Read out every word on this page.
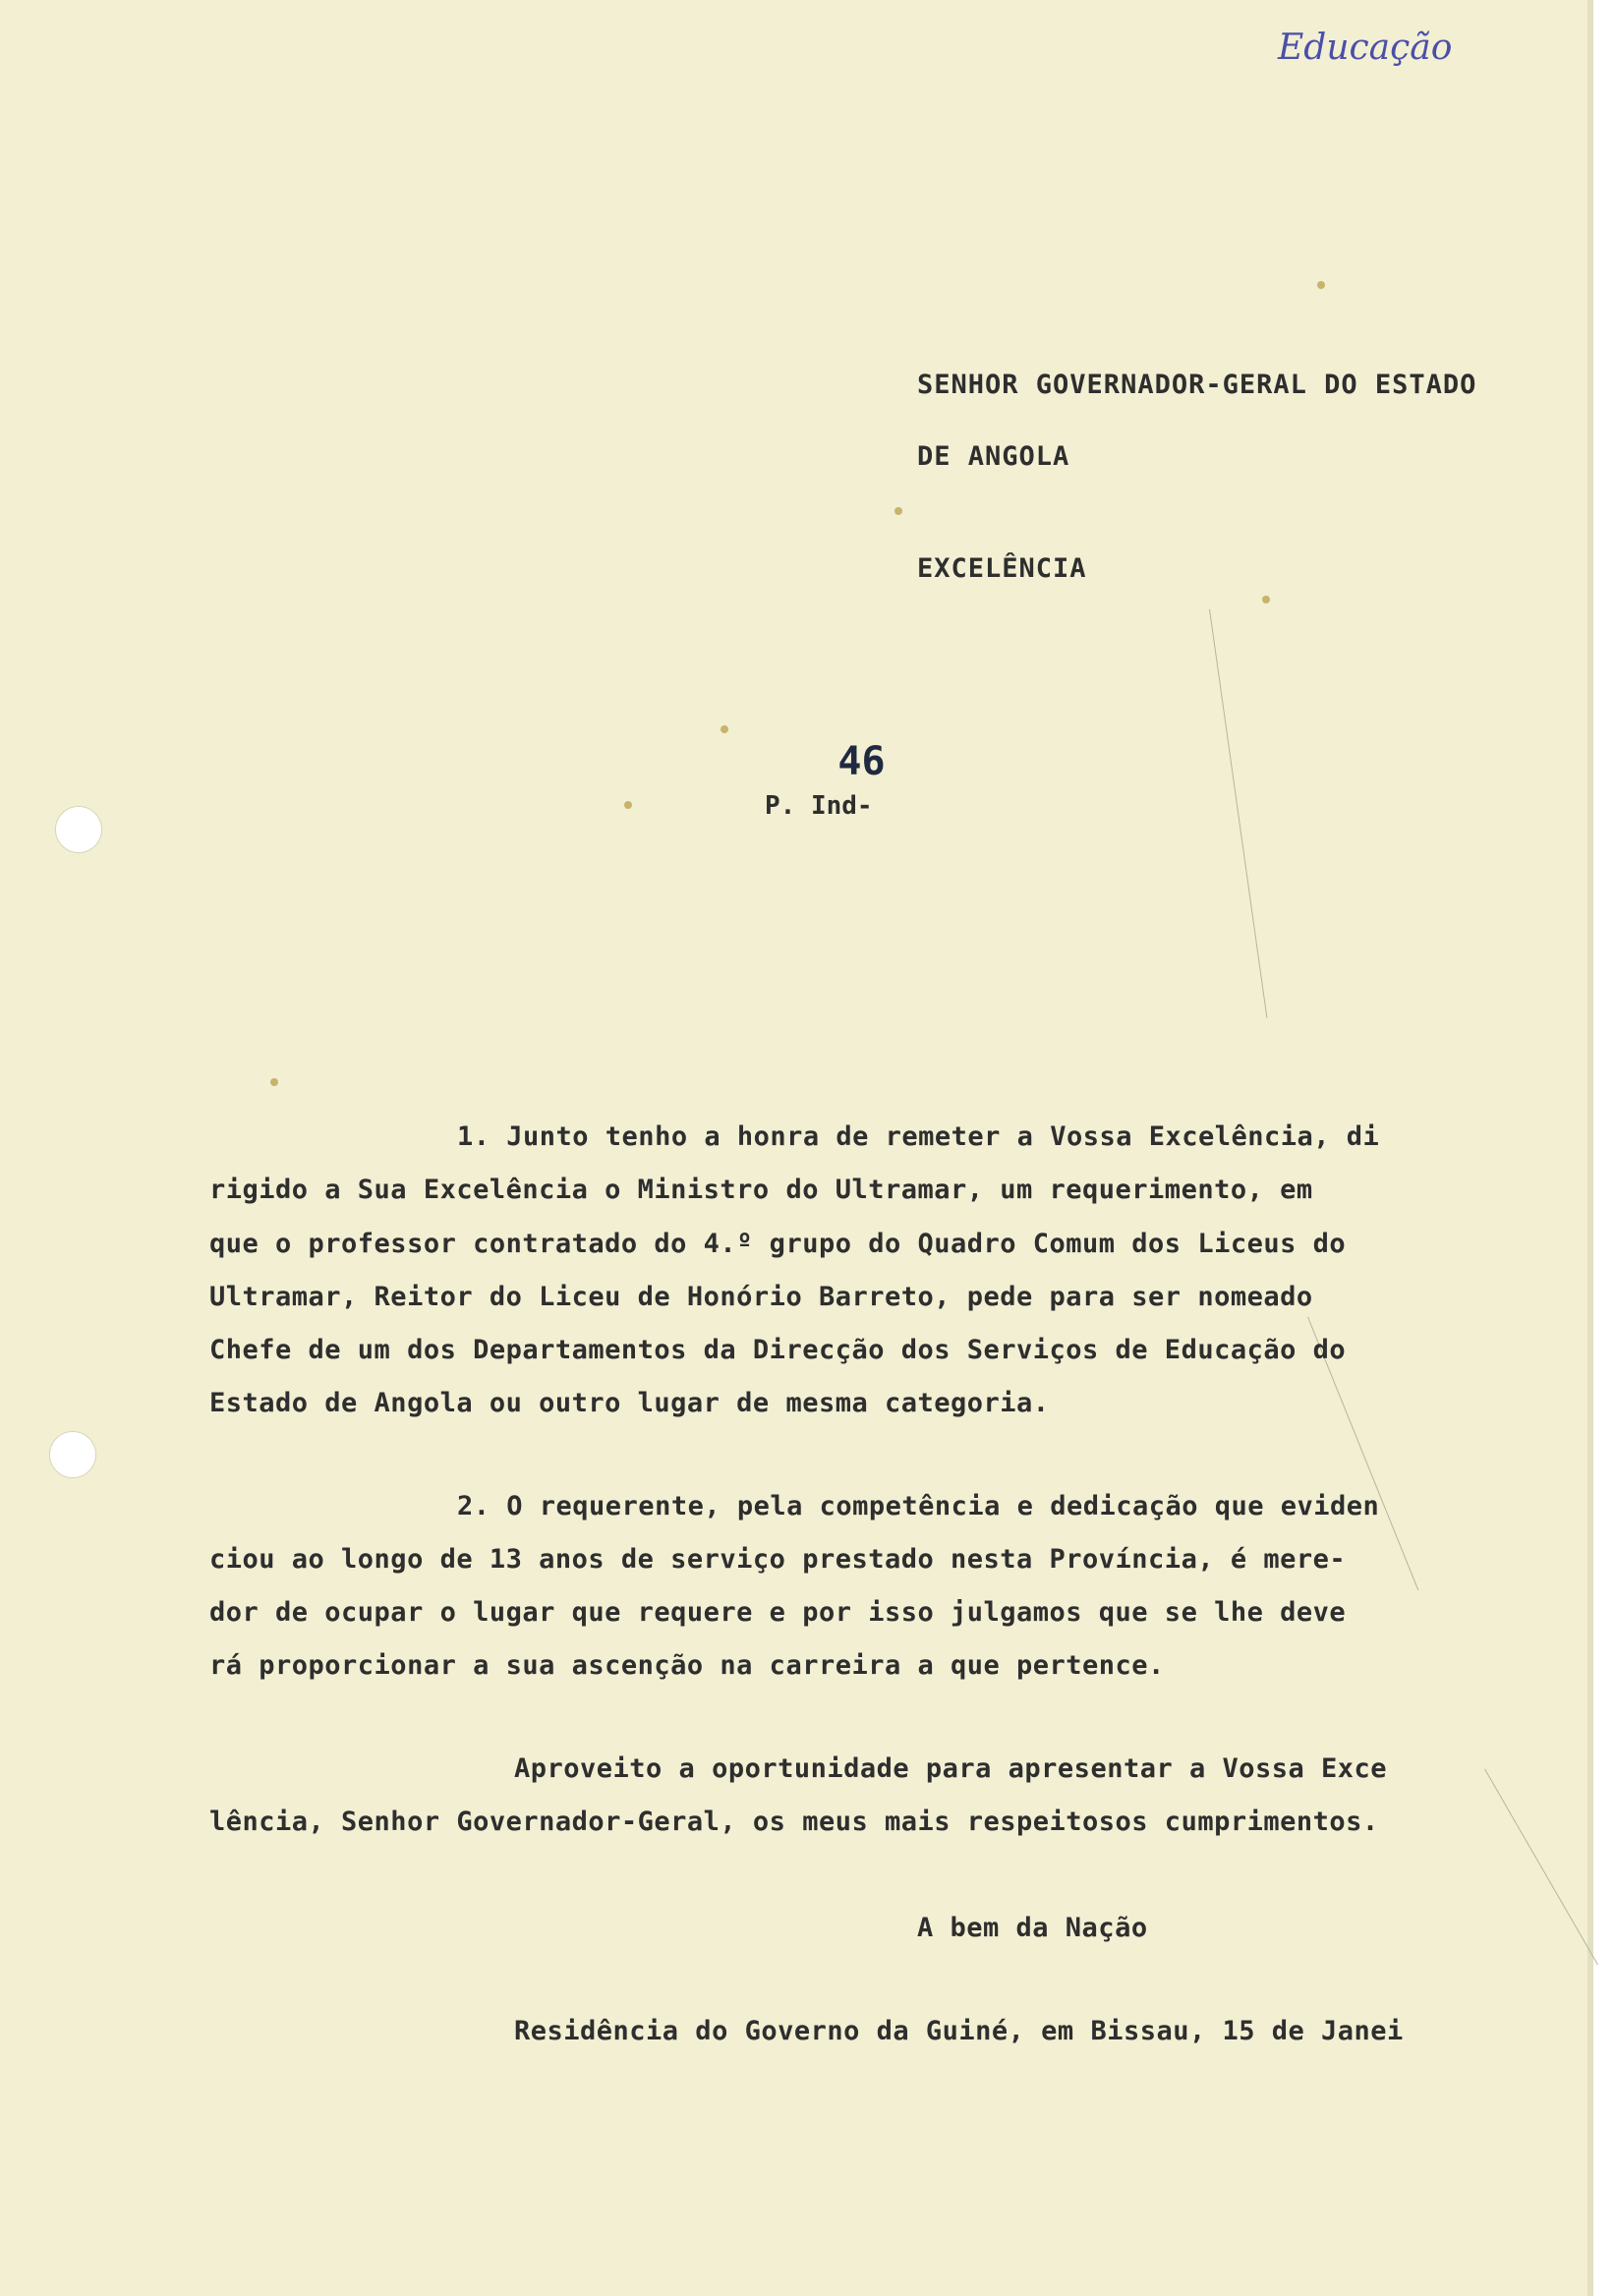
Educação
SENHOR GOVERNADOR-GERAL DO ESTADO
DE ANGOLA
EXCELÊNCIA
46
P. Ind-
1. Junto tenho a honra de remeter a Vossa Excelência, di
rigido a Sua Excelência o Ministro do Ultramar, um requerimento, em
que o professor contratado do 4.º grupo do Quadro Comum dos Liceus do
Ultramar, Reitor do Liceu de Honório Barreto, pede para ser nomeado
Chefe de um dos Departamentos da Direcção dos Serviços de Educação do
Estado de Angola ou outro lugar de mesma categoria.
2. O requerente, pela competência e dedicação que eviden
ciou ao longo de 13 anos de serviço prestado nesta Província, é mere-
dor de ocupar o lugar que requere e por isso julgamos que se lhe deve
rá proporcionar a sua ascenção na carreira a que pertence.
Aproveito a oportunidade para apresentar a Vossa Exce
lência, Senhor Governador-Geral, os meus mais respeitosos cumprimentos.
A bem da Nação
Residência do Governo da Guiné, em Bissau, 15 de Janei
